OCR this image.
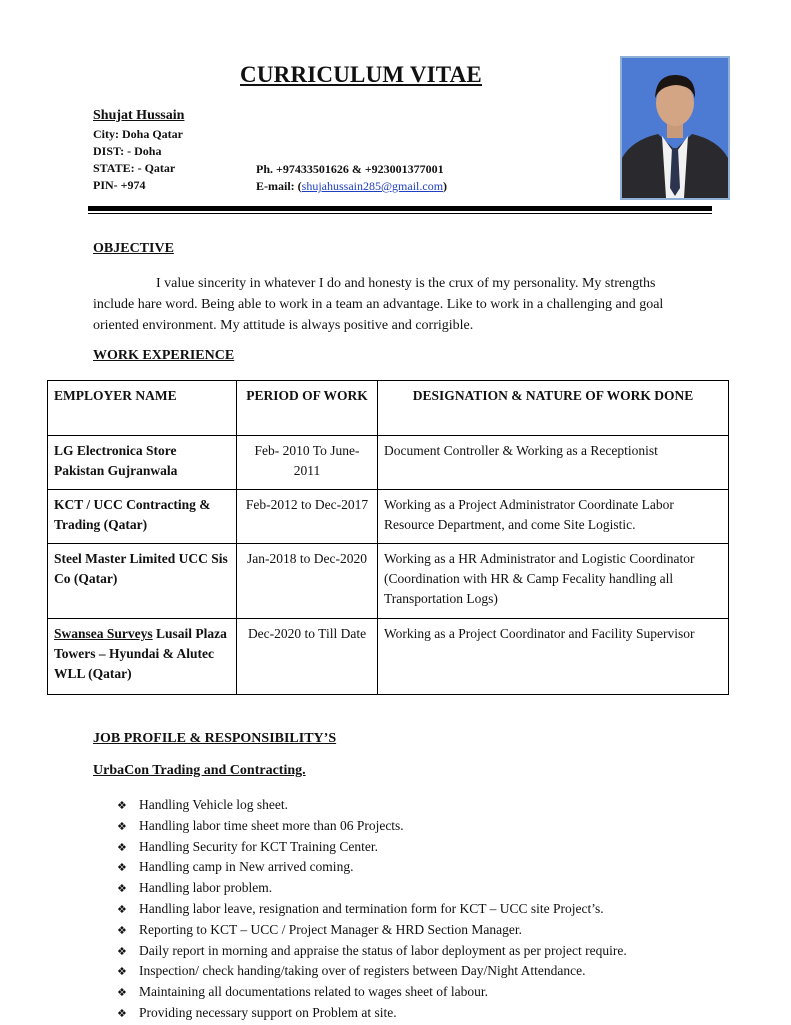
CURRICULUM VITAE
Shujat Hussain
City: Doha Qatar
DIST: - Doha
STATE: - Qatar
PIN- +974
Ph. +97433501626 & +923001377001
E-mail: (shujahussain285@gmail.com)
OBJECTIVE
I value sincerity in whatever I do and honesty is the crux of my personality. My strengths include hare word. Being able to work in a team an advantage. Like to work in a challenging and goal oriented environment. My attitude is always positive and corrigible.
WORK EXPERIENCE
EMPLOYER NAME	PERIOD OF WORK	DESIGNATION & NATURE OF WORK DONE
LG Electronica Store Pakistan Gujranwala	Feb- 2010 To June-2011	Document Controller & Working as a Receptionist
KCT / UCC Contracting & Trading (Qatar)	Feb-2012 to Dec-2017	Working as a Project Administrator Coordinate Labor Resource Department, and come Site Logistic.
Steel Master Limited UCC Sis Co (Qatar)	Jan-2018 to Dec-2020	Working as a HR Administrator and Logistic Coordinator (Coordination with HR & Camp Fecality handling all Transportation Logs)
Swansea Surveys Lusail Plaza Towers – Hyundai & Alutec WLL (Qatar)	Dec-2020 to Till Date	Working as a Project Coordinator and Facility Supervisor
JOB PROFILE & RESPONSIBILITY’S
UrbaCon Trading and Contracting.
❖ Handling Vehicle log sheet.
❖ Handling labor time sheet more than 06 Projects.
❖ Handling Security for KCT Training Center.
❖ Handling camp in New arrived coming.
❖ Handling labor problem.
❖ Handling labor leave, resignation and termination form for KCT – UCC site Project’s.
❖ Reporting to KCT – UCC / Project Manager & HRD Section Manager.
❖ Daily report in morning and appraise the status of labor deployment as per project require.
❖ Inspection/ check handing/taking over of registers between Day/Night Attendance.
❖ Maintaining all documentations related to wages sheet of labour.
❖ Providing necessary support on Problem at site.
